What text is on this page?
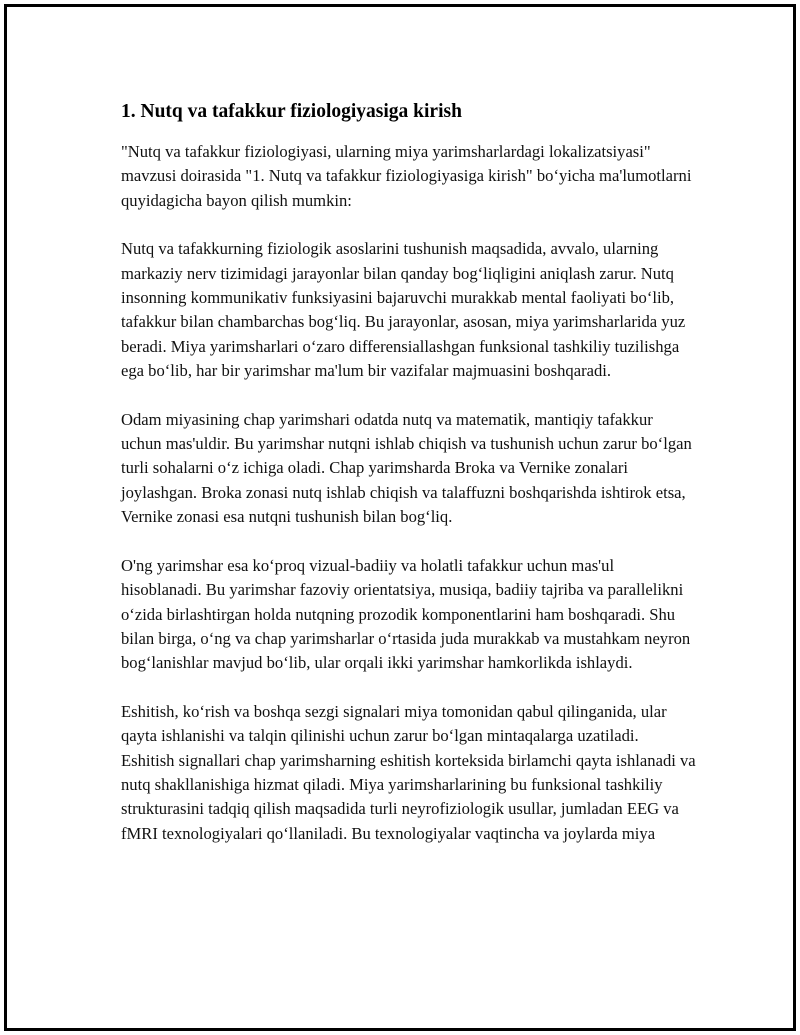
1. Nutq va tafakkur fiziologiyasiga kirish

"Nutq va tafakkur fiziologiyasi, ularning miya yarimsharlardagi lokalizatsiyasi" mavzusi doirasida "1. Nutq va tafakkur fiziologiyasiga kirish" bo‘yicha ma'lumotlarni quyidagicha bayon qilish mumkin:

Nutq va tafakkurning fiziologik asoslarini tushunish maqsadida, avvalo, ularning markaziy nerv tizimidagi jarayonlar bilan qanday bog‘liqligini aniqlash zarur. Nutq insonning kommunikativ funksiyasini bajaruvchi murakkab mental faoliyati bo‘lib, tafakkur bilan chambarchas bog‘liq. Bu jarayonlar, asosan, miya yarimsharlarida yuz beradi. Miya yarimsharlari o‘zaro differensiallashgan funksional tashkiliy tuzilishga ega bo‘lib, har bir yarimshar ma'lum bir vazifalar majmuasini boshqaradi.

Odam miyasining chap yarimshari odatda nutq va matematik, mantiqiy tafakkur uchun mas'uldir. Bu yarimshar nutqni ishlab chiqish va tushunish uchun zarur bo‘lgan turli sohalarni o‘z ichiga oladi. Chap yarimsharda Broka va Vernike zonalari joylashgan. Broka zonasi nutq ishlab chiqish va talaffuzni boshqarishda ishtirok etsa, Vernike zonasi esa nutqni tushunish bilan bog‘liq.

O'ng yarimshar esa ko‘proq vizual-badiiy va holatli tafakkur uchun mas'ul hisoblanadi. Bu yarimshar fazoviy orientatsiya, musiqa, badiiy tajriba va parallelikni o‘zida birlashtirgan holda nutqning prozodik komponentlarini ham boshqaradi. Shu bilan birga, o‘ng va chap yarimsharlar o‘rtasida juda murakkab va mustahkam neyron bog‘lanishlar mavjud bo‘lib, ular orqali ikki yarimshar hamkorlikda ishlaydi.

Eshitish, ko‘rish va boshqa sezgi signalari miya tomonidan qabul qilinganida, ular qayta ishlanishi va talqin qilinishi uchun zarur bo‘lgan mintaqalarga uzatiladi. Eshitish signallari chap yarimsharning eshitish korteksida birlamchi qayta ishlanadi va nutq shakllanishiga hizmat qiladi. Miya yarimsharlarining bu funksional tashkiliy strukturasini tadqiq qilish maqsadida turli neyrofiziologik usullar, jumladan EEG va fMRI texnologiyalari qo‘llaniladi. Bu texnologiyalar vaqtincha va joylarda miya
